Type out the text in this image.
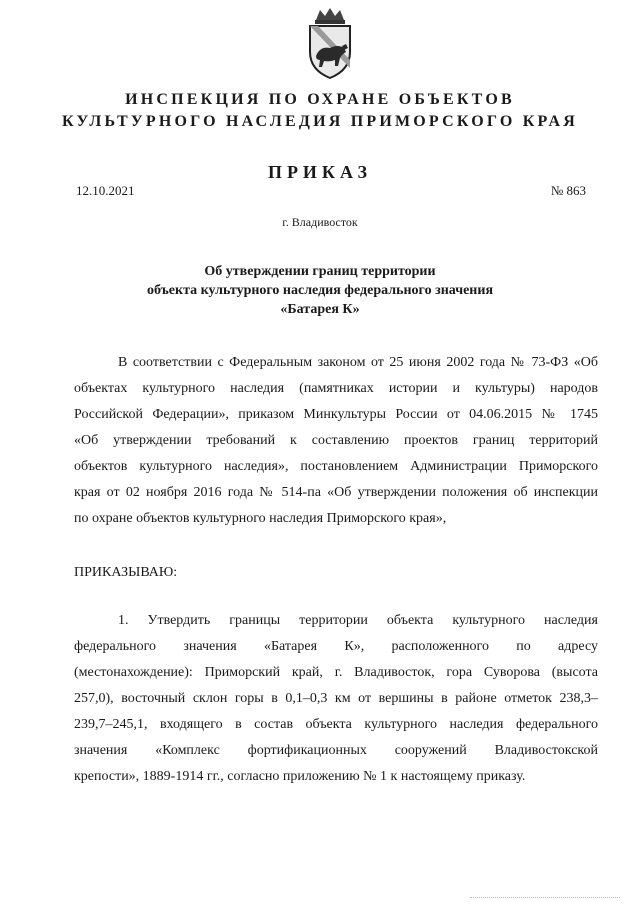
ИНСПЕКЦИЯ ПО ОХРАНЕ ОБЪЕКТОВ
КУЛЬТУРНОГО НАСЛЕДИЯ ПРИМОРСКОГО КРАЯ
ПРИКАЗ
12.10.2021	№ 863
г. Владивосток
Об утверждении границ территории
объекта культурного наследия федерального значения
«Батарея К»
В соответствии с Федеральным законом от 25 июня 2002 года № 73-ФЗ «Об
объектах культурного наследия (памятниках истории и культуры) народов
Российской Федерации», приказом Минкультуры России от 04.06.2015 № 1745
«Об утверждении требований к составлению проектов границ территорий
объектов культурного наследия», постановлением Администрации Приморского
края от 02 ноября 2016 года № 514-па «Об утверждении положения об инспекции
по охране объектов культурного наследия Приморского края»,
ПРИКАЗЫВАЮ:
1. Утвердить границы территории объекта культурного наследия
федерального значения «Батарея К», расположенного по адресу
(местонахождение): Приморский край, г. Владивосток, гора Суворова (высота
257,0), восточный склон горы в 0,1–0,3 км от вершины в районе отметок 238,3–
239,7–245,1, входящего в состав объекта культурного наследия федерального
значения «Комплекс фортификационных сооружений Владивостокской
крепости», 1889-1914 гг., согласно приложению № 1 к настоящему приказу.
